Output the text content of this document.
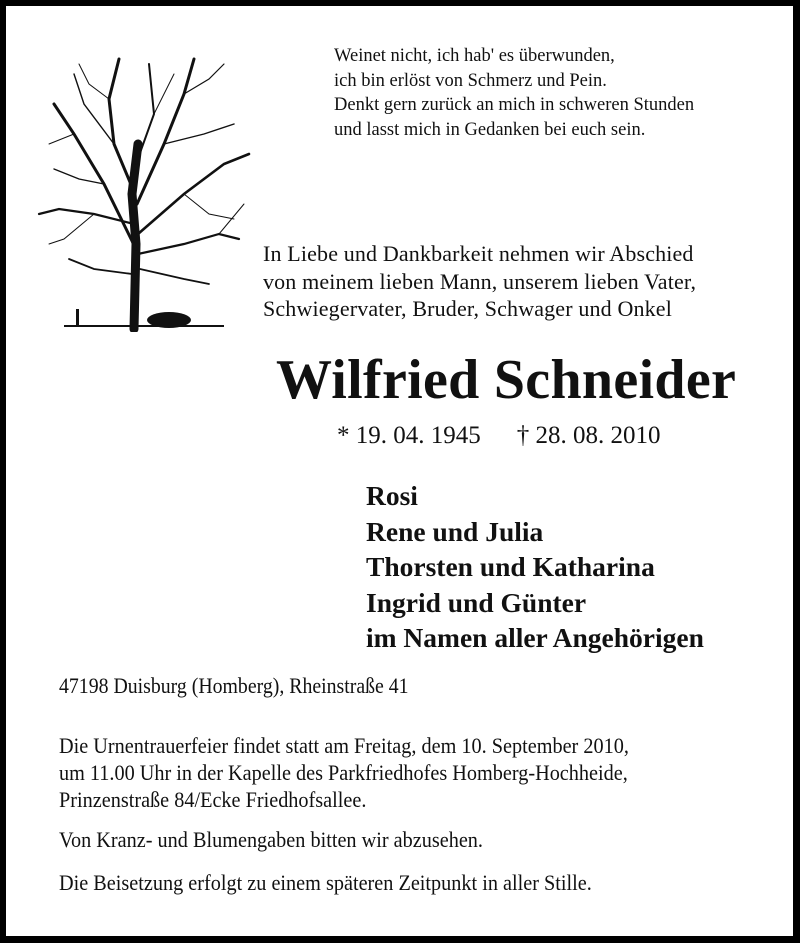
Weinet nicht, ich hab' es überwunden,
ich bin erlöst von Schmerz und Pein.
Denkt gern zurück an mich in schweren Stunden
und lasst mich in Gedanken bei euch sein.
In Liebe und Dankbarkeit nehmen wir Abschied
von meinem lieben Mann, unserem lieben Vater,
Schwiegervater, Bruder, Schwager und Onkel
Wilfried Schneider
* 19. 04. 1945 † 28. 08. 2010
Rosi
Rene und Julia
Thorsten und Katharina
Ingrid und Günter
im Namen aller Angehörigen
47198 Duisburg (Homberg), Rheinstraße 41
Die Urnentrauerfeier findet statt am Freitag, dem 10. September 2010,
um 11.00 Uhr in der Kapelle des Parkfriedhofes Homberg-Hochheide,
Prinzenstraße 84/Ecke Friedhofsallee.
Von Kranz- und Blumengaben bitten wir abzusehen.
Die Beisetzung erfolgt zu einem späteren Zeitpunkt in aller Stille.
